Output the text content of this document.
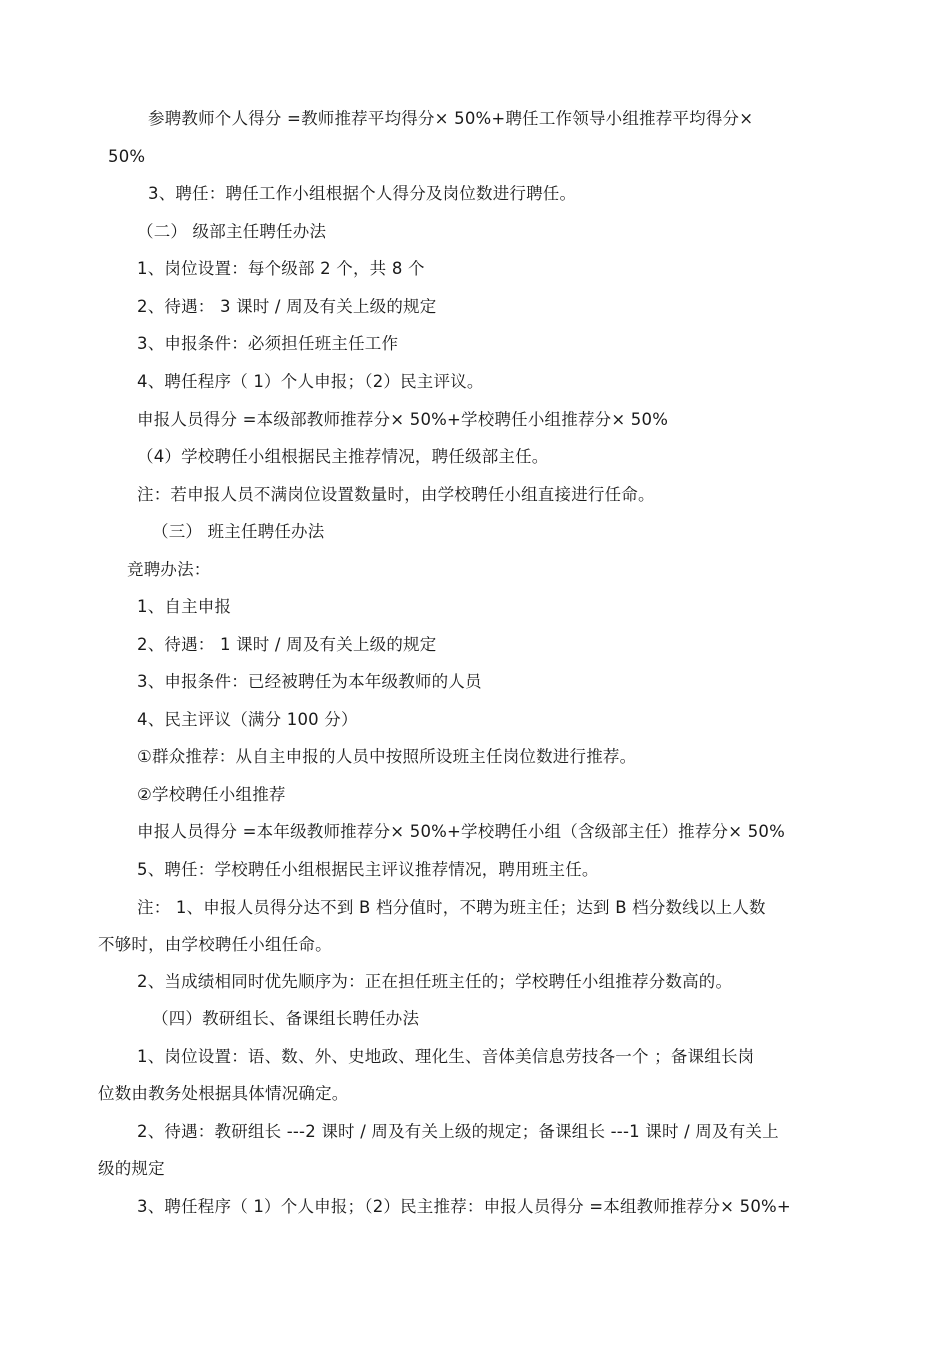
参聘教师个人得分 =教师推荐平均得分× 50%+聘任工作领导小组推荐平均得分×
50%
3、聘任：聘任工作小组根据个人得分及岗位数进行聘任。
（二） 级部主任聘任办法
1、岗位设置：每个级部 2 个，共 8 个
2、待遇： 3 课时 / 周及有关上级的规定
3、申报条件：必须担任班主任工作
4、聘任程序（ 1）个人申报；（2）民主评议。
申报人员得分 =本级部教师推荐分× 50%+学校聘任小组推荐分× 50%
（4）学校聘任小组根据民主推荐情况，聘任级部主任。
注：若申报人员不满岗位设置数量时，由学校聘任小组直接进行任命。
（三） 班主任聘任办法
竞聘办法：
1、自主申报
2、待遇： 1 课时 / 周及有关上级的规定
3、申报条件：已经被聘任为本年级教师的人员
4、民主评议（满分 100 分）
①群众推荐：从自主申报的人员中按照所设班主任岗位数进行推荐。
②学校聘任小组推荐
申报人员得分 =本年级教师推荐分× 50%+学校聘任小组（含级部主任）推荐分× 50%
5、聘任：学校聘任小组根据民主评议推荐情况，聘用班主任。
注： 1、申报人员得分达不到 B 档分值时，不聘为班主任；达到 B 档分数线以上人数
不够时，由学校聘任小组任命。
2、当成绩相同时优先顺序为：正在担任班主任的；学校聘任小组推荐分数高的。
（四）教研组长、备课组长聘任办法
1、岗位设置：语、数、外、史地政、理化生、音体美信息劳技各一个 ；备课组长岗
位数由教务处根据具体情况确定。
2、待遇：教研组长 ---2 课时 / 周及有关上级的规定；备课组长 ---1 课时 / 周及有关上
级的规定
3、聘任程序（ 1）个人申报；（2）民主推荐：申报人员得分 =本组教师推荐分× 50%+
